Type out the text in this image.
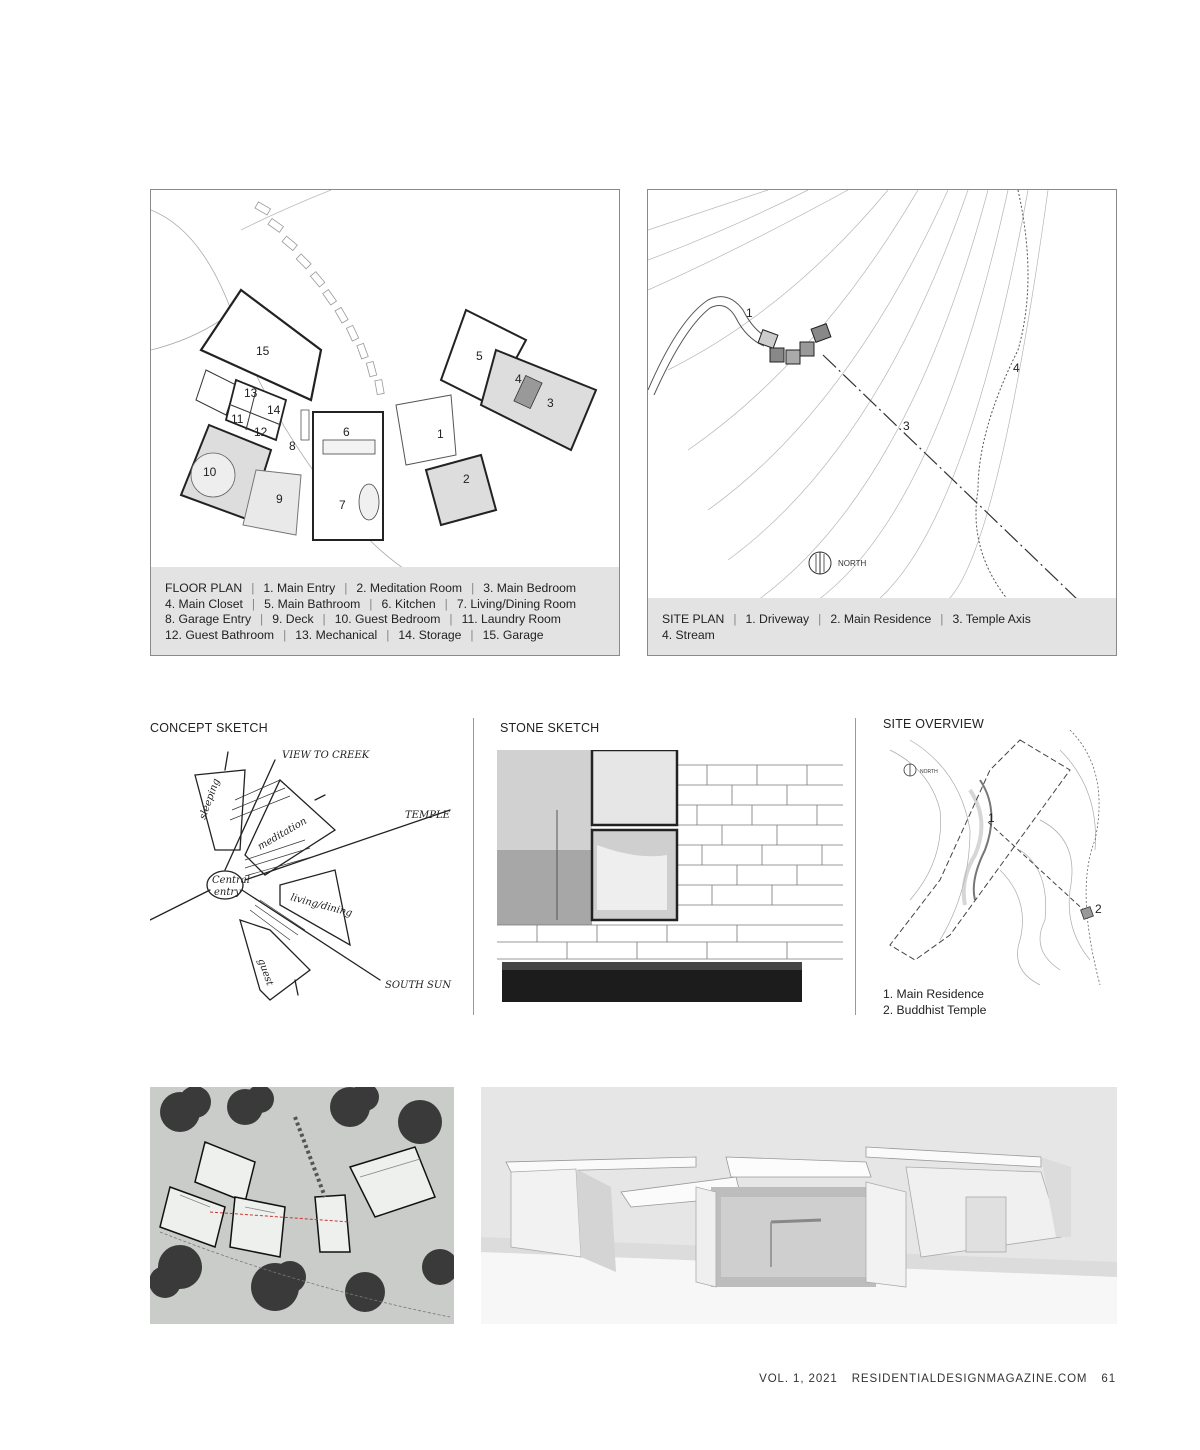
15
13
14
11
12
8
10
9
6
7
1
2
3
4
5
FLOOR PLAN | 1. Main Entry | 2. Meditation Room | 3. Main Bedroom
4. Main Closet | 5. Main Bathroom | 6. Kitchen | 7. Living/Dining Room
8. Garage Entry | 9. Deck | 10. Guest Bedroom | 11. Laundry Room
12. Guest Bathroom | 13. Mechanical | 14. Storage | 15. Garage
1
3
4
NORTH
SITE PLAN | 1. Driveway | 2. Main Residence | 3. Temple Axis
4. Stream
CONCEPT SKETCH
VIEW TO CREEK
TEMPLE
SOUTH SUN
sleeping
meditation
Central
entry	living/dining
guest
STONE SKETCH	SITE OVERVIEW
NORTH
1
2
1. Main Residence
2. Buddhist Temple
VOL. 1, 2021 RESIDENTIALDESIGNMAGAZINE.COM 61
